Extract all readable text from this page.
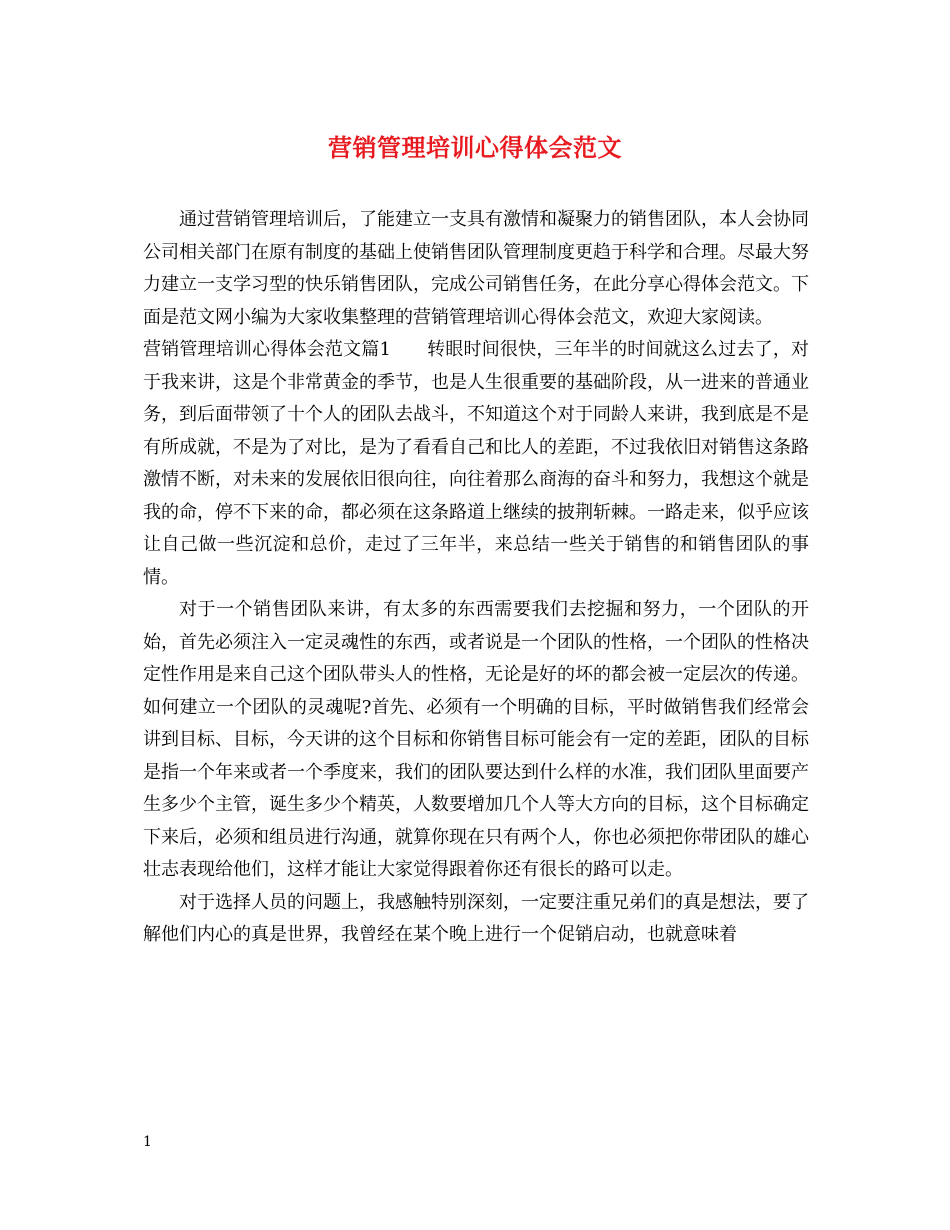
营销管理培训心得体会范文

通过营销管理培训后，了能建立一支具有激情和凝聚力的销售团队，本人会协同公司相关部门在原有制度的基础上使销售团队管理制度更趋于科学和合理。尽最大努力建立一支学习型的快乐销售团队，完成公司销售任务，在此分享心得体会范文。下面是范文网小编为大家收集整理的营销管理培训心得体会范文，欢迎大家阅读。

营销管理培训心得体会范文篇1 转眼时间很快，三年半的时间就这么过去了，对于我来讲，这是个非常黄金的季节，也是人生很重要的基础阶段，从一进来的普通业务，到后面带领了十个人的团队去战斗，不知道这个对于同龄人来讲，我到底是不是有所成就，不是为了对比，是为了看看自己和比人的差距，不过我依旧对销售这条路激情不断，对未来的发展依旧很向往，向往着那么商海的奋斗和努力，我想这个就是我的命，停不下来的命，都必须在这条路道上继续的披荆斩棘。一路走来，似乎应该让自己做一些沉淀和总价，走过了三年半，来总结一些关于销售的和销售团队的事情。

对于一个销售团队来讲，有太多的东西需要我们去挖掘和努力，一个团队的开始，首先必须注入一定灵魂性的东西，或者说是一个团队的性格，一个团队的性格决定性作用是来自己这个团队带头人的性格，无论是好的坏的都会被一定层次的传递。如何建立一个团队的灵魂呢?首先、必须有一个明确的目标，平时做销售我们经常会讲到目标、目标，今天讲的这个目标和你销售目标可能会有一定的差距，团队的目标是指一个年来或者一个季度来，我们的团队要达到什么样的水准，我们团队里面要产生多少个主管，诞生多少个精英，人数要增加几个人等大方向的目标，这个目标确定下来后，必须和组员进行沟通，就算你现在只有两个人，你也必须把你带团队的雄心壮志表现给他们，这样才能让大家觉得跟着你还有很长的路可以走。

对于选择人员的问题上，我感触特别深刻，一定要注重兄弟们的真是想法，要了解他们内心的真是世界，我曾经在某个晚上进行一个促销启动，也就意味着

1
